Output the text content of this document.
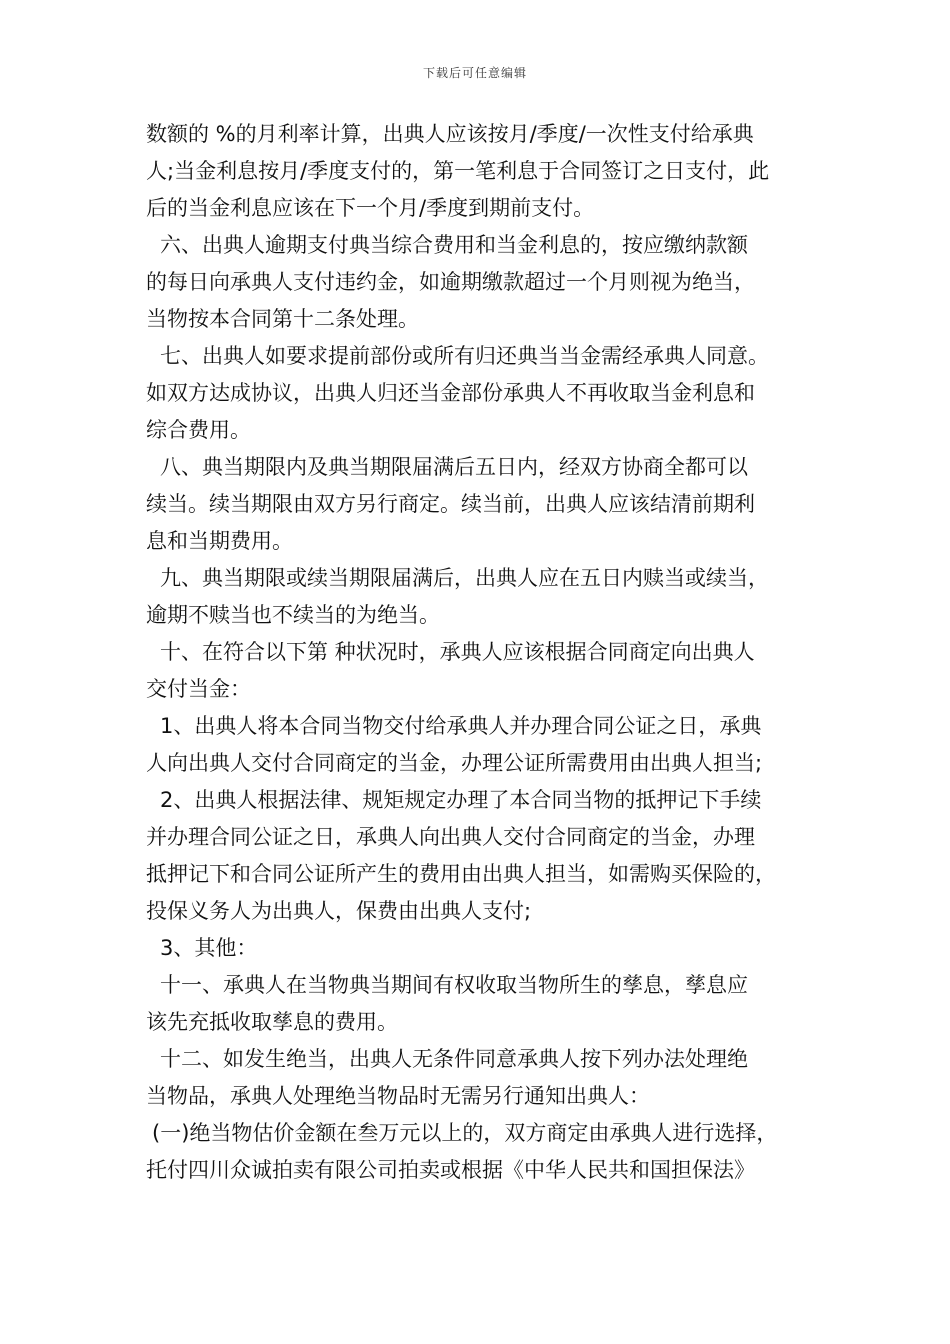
下载后可任意编辑
数额的 %的月利率计算，出典人应该按月/季度/一次性支付给承典
人;当金利息按月/季度支付的，第一笔利息于合同签订之日支付，此
后的当金利息应该在下一个月/季度到期前支付。
六、出典人逾期支付典当综合费用和当金利息的，按应缴纳款额
的每日向承典人支付违约金，如逾期缴款超过一个月则视为绝当，
当物按本合同第十二条处理。
七、出典人如要求提前部份或所有归还典当当金需经承典人同意。
如双方达成协议，出典人归还当金部份承典人不再收取当金利息和
综合费用。
八、典当期限内及典当期限届满后五日内，经双方协商全都可以
续当。续当期限由双方另行商定。续当前，出典人应该结清前期利
息和当期费用。
九、典当期限或续当期限届满后，出典人应在五日内赎当或续当，
逾期不赎当也不续当的为绝当。
十、在符合以下第 种状况时，承典人应该根据合同商定向出典人
交付当金：
1、出典人将本合同当物交付给承典人并办理合同公证之日，承典
人向出典人交付合同商定的当金，办理公证所需费用由出典人担当;
2、出典人根据法律、规矩规定办理了本合同当物的抵押记下手续
并办理合同公证之日，承典人向出典人交付合同商定的当金，办理
抵押记下和合同公证所产生的费用由出典人担当，如需购买保险的，
投保义务人为出典人，保费由出典人支付;
3、其他：
十一、承典人在当物典当期间有权收取当物所生的孳息，孳息应
该先充抵收取孳息的费用。
十二、如发生绝当，出典人无条件同意承典人按下列办法处理绝
当物品，承典人处理绝当物品时无需另行通知出典人：
(一)绝当物估价金额在叁万元以上的，双方商定由承典人进行选择，
托付四川众诚拍卖有限公司拍卖或根据《中华人民共和国担保法》
